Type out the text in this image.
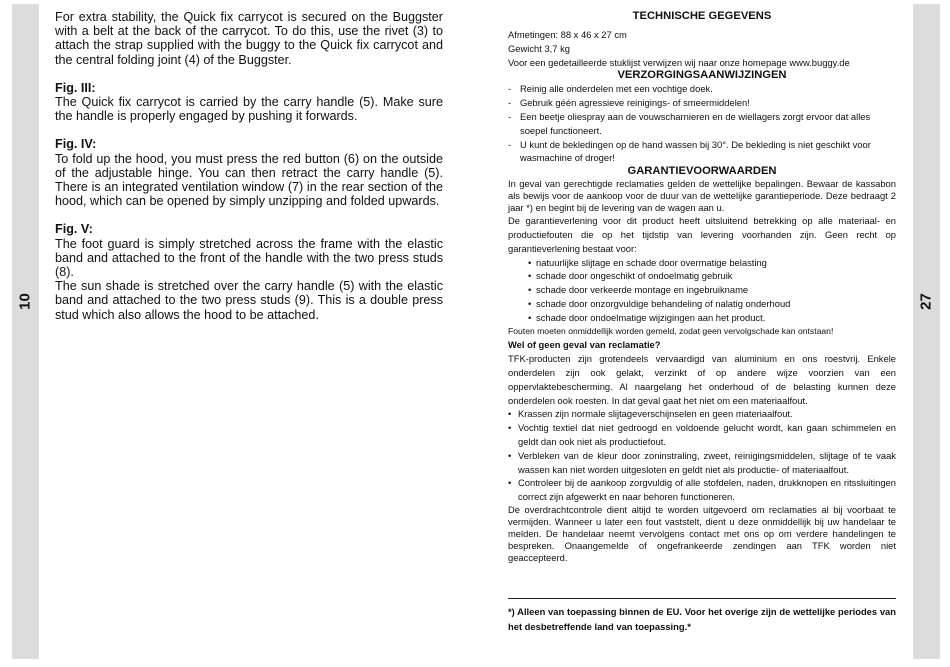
10	27

For extra stability, the Quick fix carrycot is secured on the Buggster with a belt at the back of the carrycot. To do this, use the rivet (3) to attach the strap supplied with the buggy to the Quick fix carrycot and the central folding joint (4) of the Buggster.

Fig. III:

The Quick fix carrycot is carried by the carry handle (5). Make sure the handle is properly engaged by pushing it forwards.

Fig. IV:

To fold up the hood, you must press the red button (6) on the outside of the adjustable hinge. You can then retract the carry handle (5). There is an integrated ventilation window (7) in the rear section of the hood, which can be opened by simply unzipping and folded upwards.

Fig. V:

The foot guard is simply stretched across the frame with the elastic band and attached to the front of the handle with the two press studs (8).

The sun shade is stretched over the carry handle (5) with the elastic band and attached to the two press studs (9). This is a double press stud which also allows the hood to be attached.

TECHNISCHE GEGEVENS
Afmetingen: 88 x 46 x 27 cm
Gewicht 3,7 kg
Voor een gedetailleerde stuklijst verwijzen wij naar onze homepage www.buggy.de
VERZORGINGSAANWIJZINGEN
- Reinig alle onderdelen met een vochtige doek.
- Gebruik géén agressieve reinigings- of smeermiddelen!
- Een beetje oliespray aan de vouwscharnieren en de wiellagers zorgt ervoor dat alles soepel functioneert.
- U kunt de bekledingen op de hand wassen bij 30°. De bekleding is niet geschikt voor wasmachine of droger!
GARANTIEVOORWAARDEN

In geval van gerechtigde reclamaties gelden de wettelijke bepalingen. Bewaar de kassabon als bewijs voor de aankoop voor de duur van de wettelijke garantieperiode. Deze bedraagt 2 jaar *) en begint bij de levering van de wagen aan u.

De garantieverlening voor dit product heeft uitsluitend betrekking op alle materiaal- en productiefouten die op het tijdstip van levering voorhanden zijn. Geen recht op garantieverlening bestaat voor:

• natuurlijke slijtage en schade door overmatige belasting
• schade door ongeschikt of ondoelmatig gebruik
• schade door verkeerde montage en ingebruikname
• schade door onzorgvuldige behandeling of nalatig onderhoud
• schade door ondoelmatige wijzigingen aan het product.
Fouten moeten onmiddellijk worden gemeld, zodat geen vervolgschade kan ontstaan!
Wel of geen geval van reclamatie?

TFK-producten zijn grotendeels vervaardigd van aluminium en ons roestvrij. Enkele onderdelen zijn ook gelakt, verzinkt of op andere wijze voorzien van een oppervlaktebescherming. Al naargelang het onderhoud of de belasting kunnen deze onderdelen ook roesten. In dat geval gaat het niet om een materiaalfout.

• Krassen zijn normale slijtageverschijnselen en geen materiaalfout.
• Vochtig textiel dat niet gedroogd en voldoende gelucht wordt, kan gaan schimmelen en geldt dan ook niet als productiefout.
• Verbleken van de kleur door zoninstraling, zweet, reinigingsmiddelen, slijtage of te vaak wassen kan niet worden uitgesloten en geldt niet als productie- of materiaalfout.
• Controleer bij de aankoop zorgvuldig of alle stofdelen, naden, drukknopen en ritssluitingen correct zijn afgewerkt en naar behoren functioneren.

De overdrachtcontrole dient altijd te worden uitgevoerd om reclamaties al bij voorbaat te vermijden. Wanneer u later een fout vaststelt, dient u deze onmiddellijk bij uw handelaar te melden. De handelaar neemt vervolgens contact met ons op om verdere handelingen te bespreken. Onaangemelde of ongefrankeerde zendingen aan TFK worden niet geaccepteerd.

*) Alleen van toepassing binnen de EU. Voor het overige zijn de wettelijke periodes van het desbetreffende land van toepassing.*
